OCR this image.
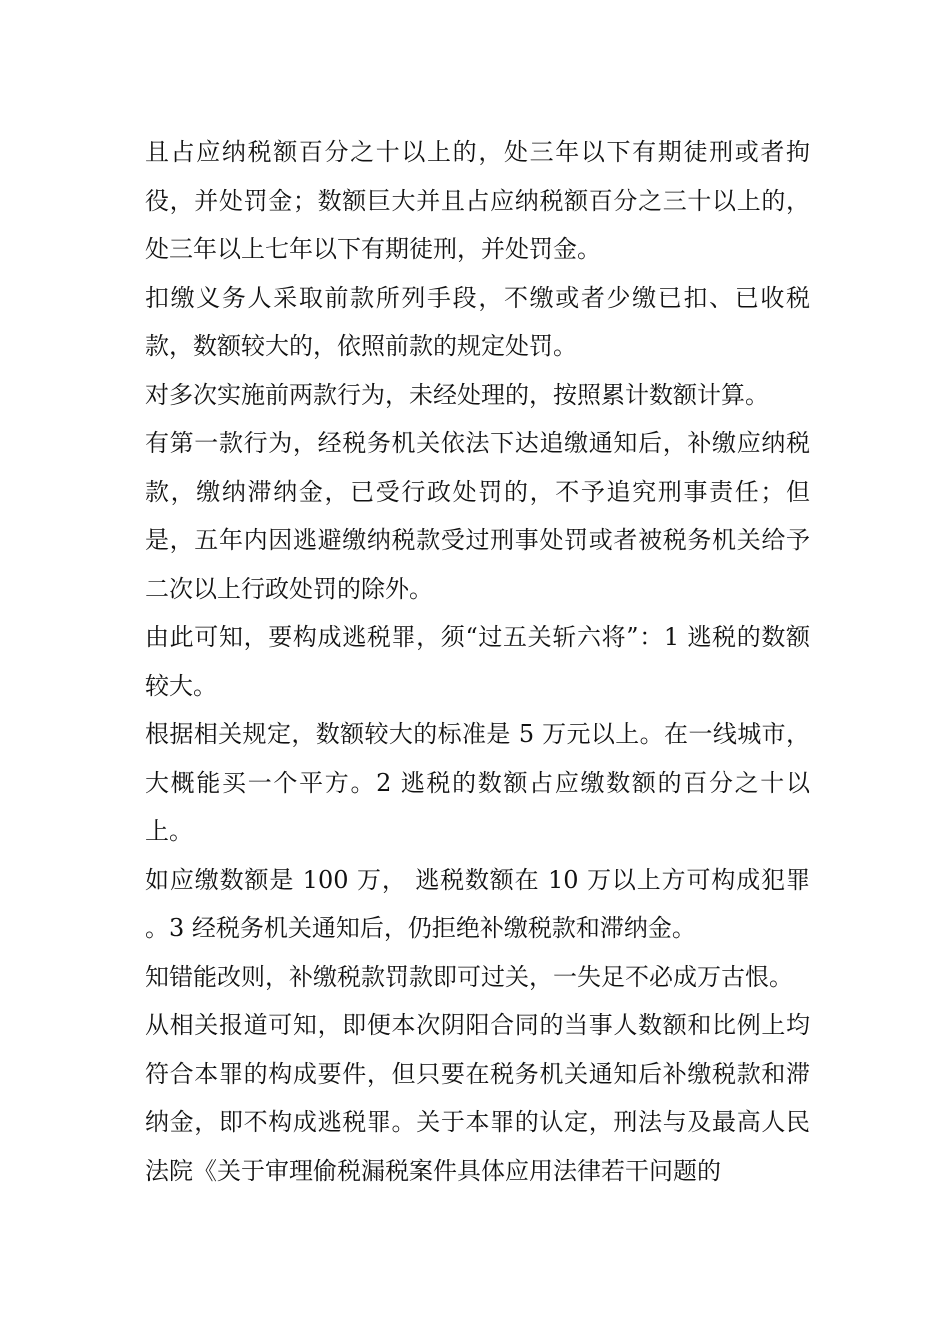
且占应纳税额百分之十以上的，处三年以下有期徒刑或者拘役，并处罚金；数额巨大并且占应纳税额百分之三十以上的，处三年以上七年以下有期徒刑，并处罚金。

扣缴义务人采取前款所列手段，不缴或者少缴已扣、已收税款，数额较大的，依照前款的规定处罚。

对多次实施前两款行为，未经处理的，按照累计数额计算。

有第一款行为，经税务机关依法下达追缴通知后，补缴应纳税款，缴纳滞纳金，已受行政处罚的，不予追究刑事责任；但是，五年内因逃避缴纳税款受过刑事处罚或者被税务机关给予二次以上行政处罚的除外。

由此可知，要构成逃税罪，须“过五关斩六将”：1 逃税的数额较大。

根据相关规定，数额较大的标准是 5 万元以上。在一线城市，大概能买一个平方。2 逃税的数额占应缴数额的百分之十以上。

如应缴数额是 100 万， 逃税数额在 10 万以上方可构成犯罪 。3 经税务机关通知后，仍拒绝补缴税款和滞纳金。

知错能改则，补缴税款罚款即可过关，一失足不必成万古恨。

从相关报道可知，即便本次阴阳合同的当事人数额和比例上均符合本罪的构成要件，但只要在税务机关通知后补缴税款和滞纳金，即不构成逃税罪。关于本罪的认定，刑法与及最高人民法院《关于审理偷税漏税案件具体应用法律若干问题的
